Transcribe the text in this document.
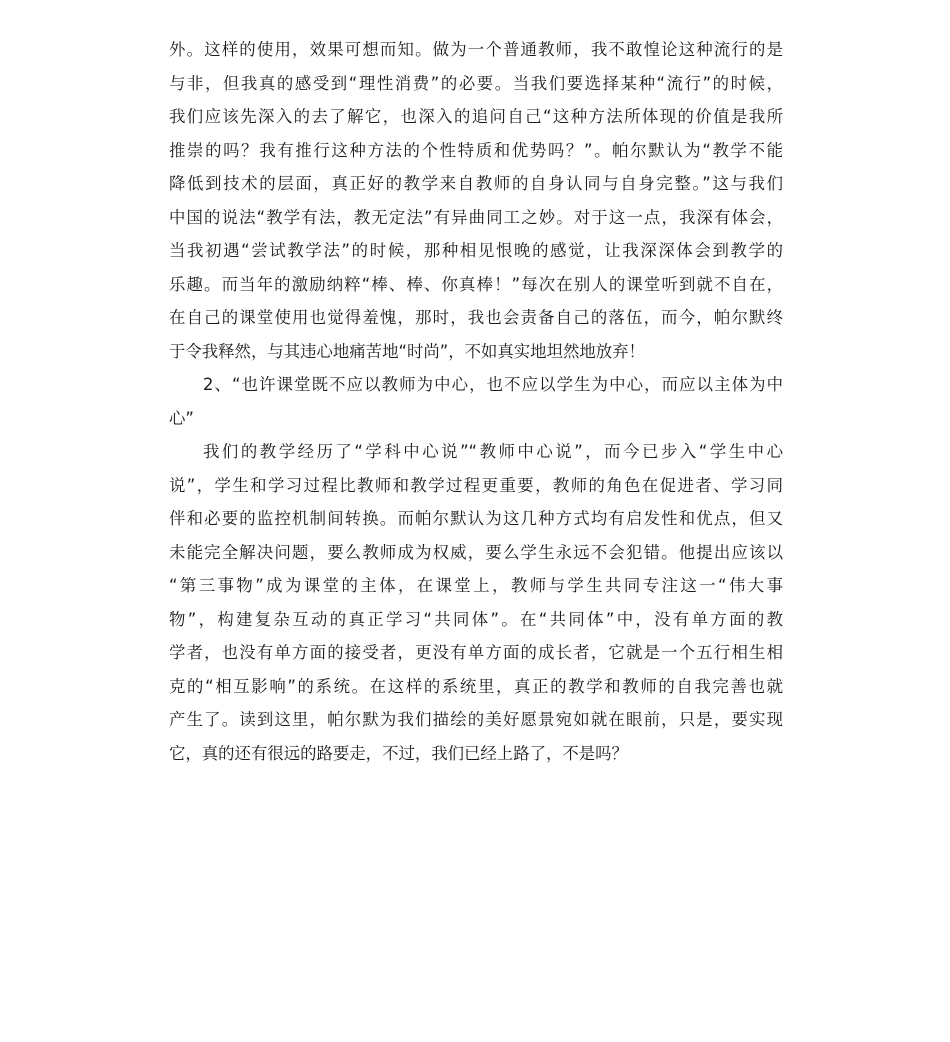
外。这样的使用，效果可想而知。做为一个普通教师，我不敢惶论这种流行的是
与非，但我真的感受到“理性消费”的必要。当我们要选择某种“流行”的时候，
我们应该先深入的去了解它，也深入的追问自己“这种方法所体现的价值是我所
推崇的吗？我有推行这种方法的个性特质和优势吗？”。帕尔默认为“教学不能
降低到技术的层面，真正好的教学来自教师的自身认同与自身完整。”这与我们
中国的说法“教学有法，教无定法”有异曲同工之妙。对于这一点，我深有体会，
当我初遇“尝试教学法”的时候，那种相见恨晚的感觉，让我深深体会到教学的
乐趣。而当年的激励纳粹“棒、棒、你真棒！”每次在别人的课堂听到就不自在，
在自己的课堂使用也觉得羞愧，那时，我也会责备自己的落伍，而今，帕尔默终
于令我释然，与其违心地痛苦地“时尚”，不如真实地坦然地放弃！
2、“也许课堂既不应以教师为中心，也不应以学生为中心，而应以主体为中
心”
我们的教学经历了“学科中心说”“教师中心说”，而今已步入“学生中心
说”，学生和学习过程比教师和教学过程更重要，教师的角色在促进者、学习同
伴和必要的监控机制间转换。而帕尔默认为这几种方式均有启发性和优点，但又
未能完全解决问题，要么教师成为权威，要么学生永远不会犯错。他提出应该以
“第三事物”成为课堂的主体，在课堂上，教师与学生共同专注这一“伟大事
物”，构建复杂互动的真正学习“共同体”。在“共同体”中，没有单方面的教
学者，也没有单方面的接受者，更没有单方面的成长者，它就是一个五行相生相
克的“相互影响”的系统。在这样的系统里，真正的教学和教师的自我完善也就
产生了。读到这里，帕尔默为我们描绘的美好愿景宛如就在眼前，只是，要实现
它，真的还有很远的路要走，不过，我们已经上路了，不是吗？
